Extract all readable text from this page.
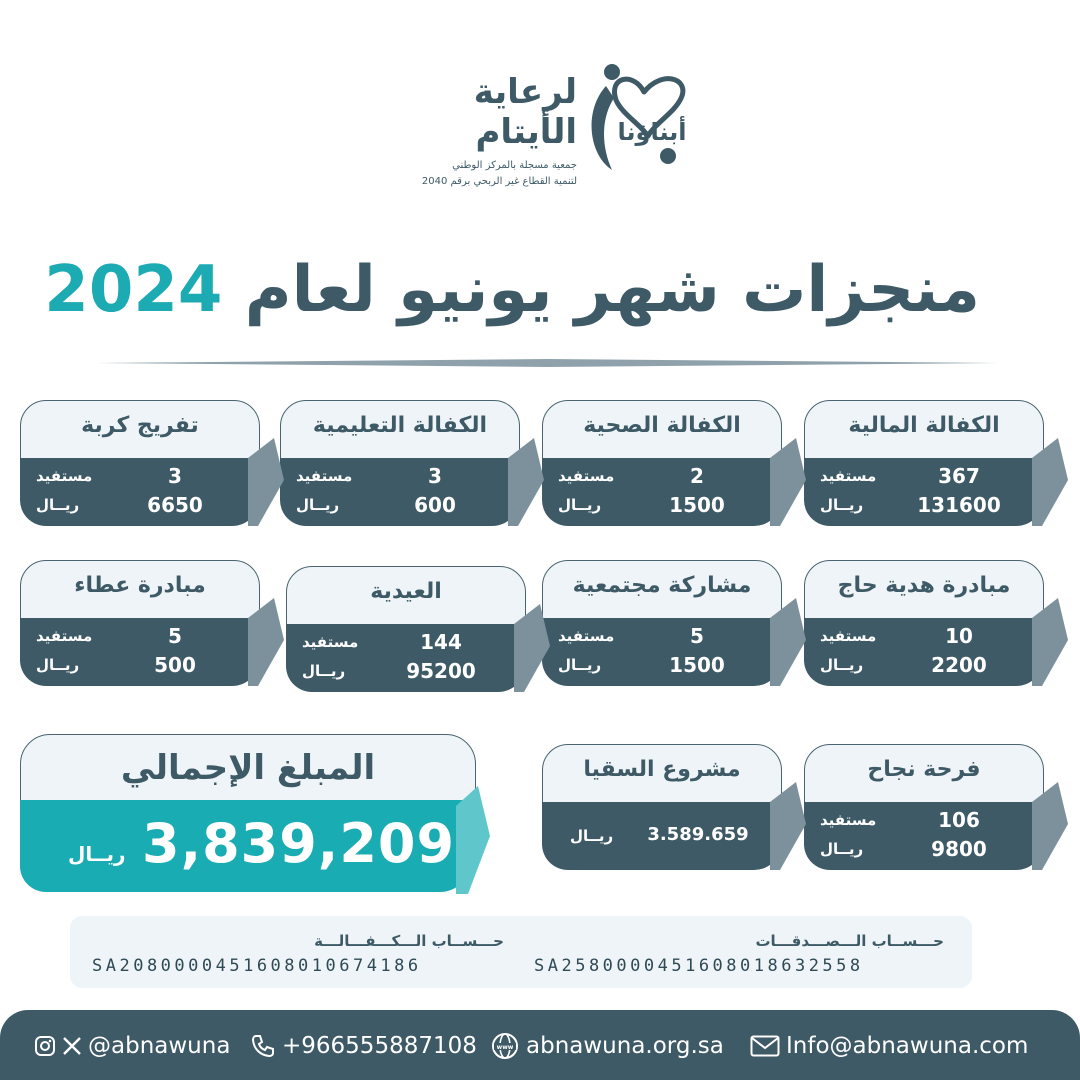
أبناؤنا
لرعاية الأيتام
جمعية مسجلة بالمركز الوطني
لتنمية القطاع غير الربحي برقم 2040
منجزات شهر يونيو لعام 2024
الكفالة المالية
مستفيد	367
ريــال	131600
الكفالة الصحية
مستفيد	2
ريــال	1500
الكفالة التعليمية
مستفيد	3
ريــال	600
تفريج كربة
مستفيد	3
ريــال	6650
مبادرة هدية حاج
مستفيد	10
ريــال	2200
مشاركة مجتمعية
مستفيد	5
ريــال	1500
العيدية
مستفيد	144
ريــال	95200
مبادرة عطاء
مستفيد	5
ريــال	500
فرحة نجاح
مستفيد	106
ريــال	9800
مشروع السقيا
ريــال	3.589.659
المبلغ الإجمالي
3,839,209
ريــال
حـــســاب الـــصـــدقـــات
SA2580000451608018632558
حـــســاب الـــكـــفـــالـــة
SA2080000451608010674186
@abnawuna +966555887108	www abnawuna.org.sa	Info@abnawuna.com
